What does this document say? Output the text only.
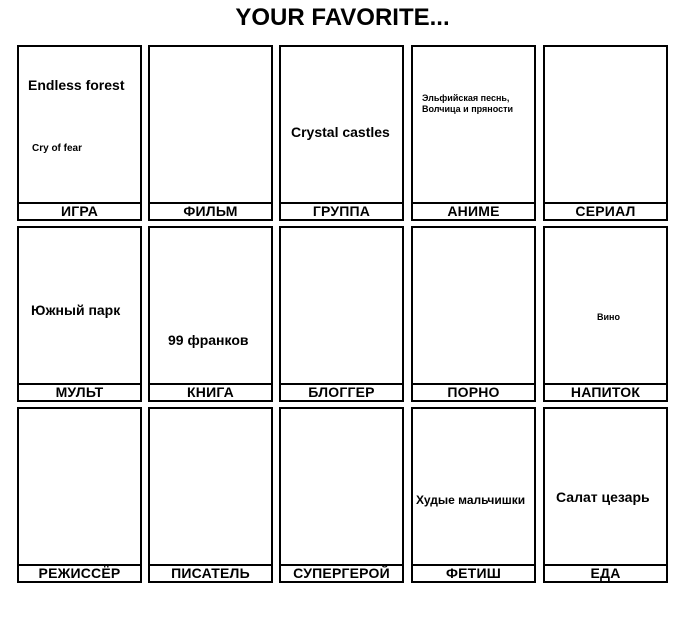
YOUR FAVORITE...
Endless forest
Cry of fear
ИГРА	ФИЛЬМ
Crystal castles
ГРУППА
Эльфийская песнь,
Волчица и пряности
АНИМЕ	СЕРИАЛ
Южный парк
МУЛЬТ
99 франков
КНИГА	БЛОГГЕР	ПОРНО
Вино
НАПИТОК
РЕЖИССЁР	ПИСАТЕЛЬ	СУПЕРГЕРОЙ
Худые мальчишки
ФЕТИШ
Салат цезарь
ЕДА
